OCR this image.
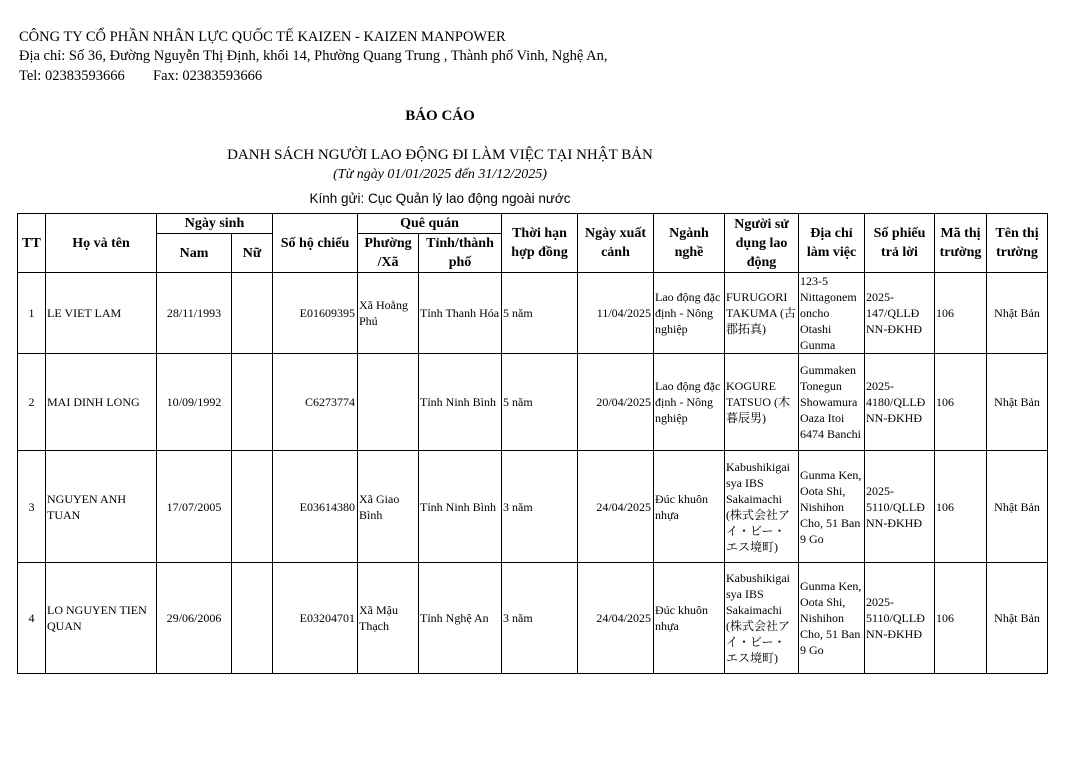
CÔNG TY CỔ PHẦN NHÂN LỰC QUỐC TẾ KAIZEN - KAIZEN MANPOWER
Địa chỉ: Số 36, Đường Nguyễn Thị Định, khối 14, Phường Quang Trung , Thành phố Vinh, Nghệ An,
Tel: 02383593666 Fax: 02383593666
BÁO CÁO
DANH SÁCH NGƯỜI LAO ĐỘNG ĐI LÀM VIỆC TẠI NHẬT BẢN
(Từ ngày 01/01/2025 đến 31/12/2025)
Kính gửi: Cục Quản lý lao động ngoài nước
TT	Họ và tên	Ngày sinh		Số hộ chiếu	Quê quán		Thời hạn hợp đồng	Ngày xuất cảnh	Ngành nghề	Người sử dụng lao động	Địa chỉ làm việc	Số phiếu trả lời	Mã thị trường	Tên thị trường
		Nam	Nữ		Phường /Xã	Tỉnh/thành phố								
1	LE VIET LAM	28/11/1993		E01609395	Xã Hoằng Phú	Tỉnh Thanh Hóa	5 năm	11/04/2025	Lao động đặc định - Nông nghiệp	FURUGORI TAKUMA (古郡拓真)	123-5 Nittagonem oncho Otashi Gunma	2025-147/QLLĐ NN-ĐKHĐ	106	Nhật Bản
2	MAI DINH LONG	10/09/1992		C6273774		Tỉnh Ninh Bình	5 năm	20/04/2025	Lao động đặc định - Nông nghiệp	KOGURE TATSUO (木暮辰男)	Gummaken Tonegun Showamura Oaza Itoi 6474 Banchi	2025-4180/QLLĐ NN-ĐKHĐ	106	Nhật Bản
3	NGUYEN ANH TUAN	17/07/2005		E03614380	Xã Giao Bình	Tỉnh Ninh Bình	3 năm	24/04/2025	Đúc khuôn nhựa	Kabushikigai sya IBS Sakaimachi (株式会社アイ・ビー・エス境町)	Gunma Ken, Oota Shi, Nishihon Cho, 51 Ban 9 Go	2025-5110/QLLĐ NN-ĐKHĐ	106	Nhật Bản
4	LO NGUYEN TIEN QUAN	29/06/2006		E03204701	Xã Mậu Thạch	Tỉnh Nghệ An	3 năm	24/04/2025	Đúc khuôn nhựa	Kabushikigai sya IBS Sakaimachi (株式会社アイ・ビー・エス境町)	Gunma Ken, Oota Shi, Nishihon Cho, 51 Ban 9 Go	2025-5110/QLLĐ NN-ĐKHĐ	106	Nhật Bản
